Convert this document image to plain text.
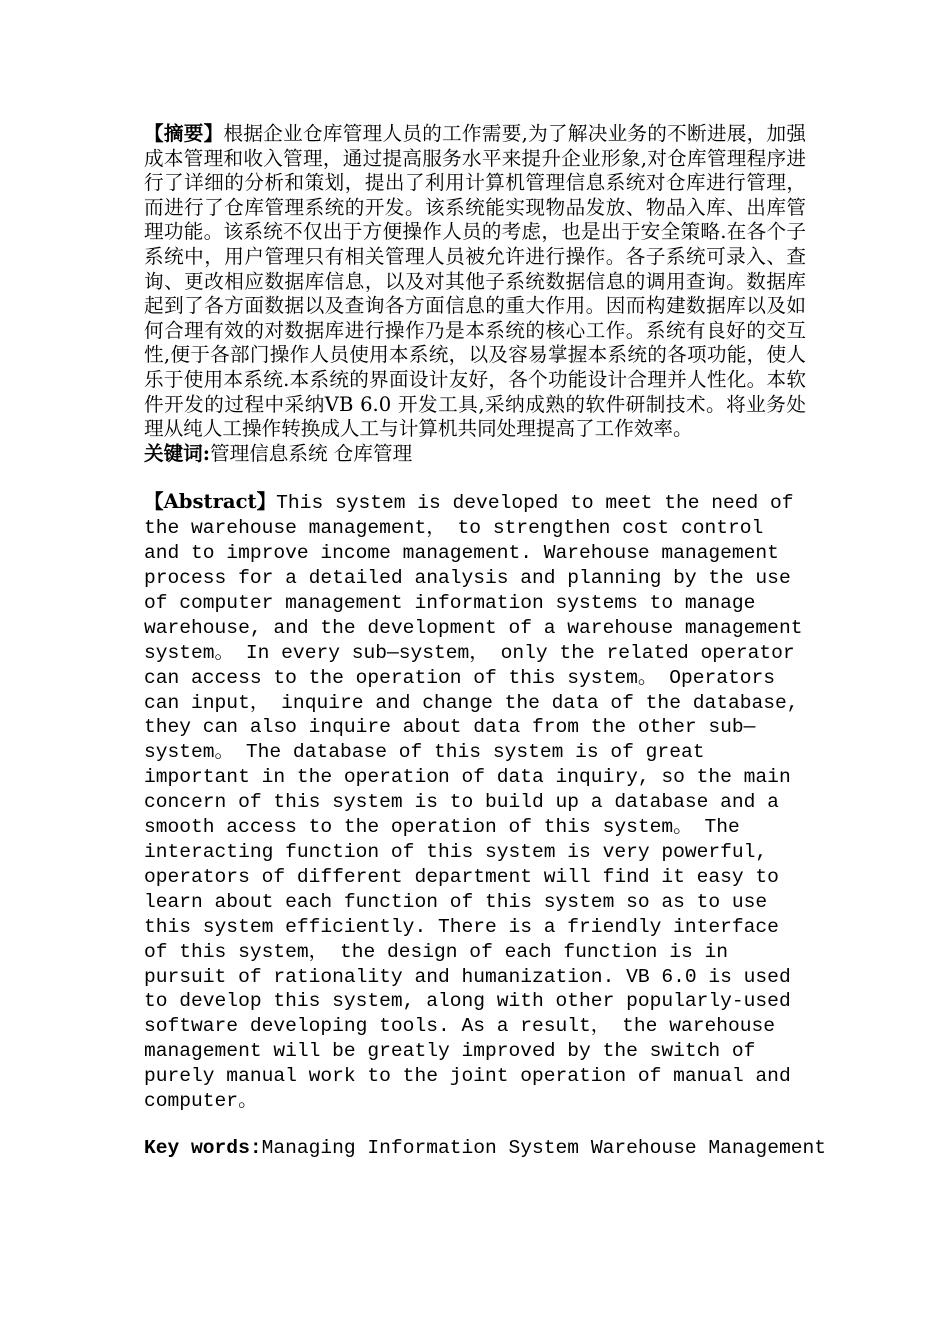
【摘要】根据企业仓库管理人员的工作需要,为了解决业务的不断进展，加强成本管理和收入管理，通过提高服务水平来提升企业形象,对仓库管理程序进行了详细的分析和策划，提出了利用计算机管理信息系统对仓库进行管理，而进行了仓库管理系统的开发。该系统能实现物品发放、物品入库、出库管理功能。该系统不仅出于方便操作人员的考虑，也是出于安全策略.在各个子系统中，用户管理只有相关管理人员被允许进行操作。各子系统可录入、查询、更改相应数据库信息，以及对其他子系统数据信息的调用查询。数据库起到了各方面数据以及查询各方面信息的重大作用。因而构建数据库以及如何合理有效的对数据库进行操作乃是本系统的核心工作。系统有良好的交互性,便于各部门操作人员使用本系统，以及容易掌握本系统的各项功能，使人乐于使用本系统.本系统的界面设计友好，各个功能设计合理并人性化。本软件开发的过程中采纳VB 6.0 开发工具,采纳成熟的软件研制技术。将业务处理从纯人工操作转换成人工与计算机共同处理提高了工作效率。

关键词:管理信息系统 仓库管理

【Abstract】This system is developed to meet the need of the warehouse management， to strengthen cost control and to improve income management. Warehouse management process for a detailed analysis and planning by the use of computer management information systems to manage warehouse, and the development of a warehouse management system。 In every sub—system， only the related operator can access to the operation of this system。 Operators can input， inquire and change the data of the database, they can also inquire about data from the other sub—system。 The database of this system is of great important in the operation of data inquiry, so the main concern of this system is to build up a database and a smooth access to the operation of this system。 The interacting function of this system is very powerful, operators of different department will find it easy to learn about each function of this system so as to use this system efficiently. There is a friendly interface of this system， the design of each function is in pursuit of rationality and humanization. VB 6.0 is used to develop this system, along with other popularly-used software developing tools. As a result， the warehouse management will be greatly improved by the switch of purely manual work to the joint operation of manual and computer。

Key words:Managing Information System Warehouse Management
